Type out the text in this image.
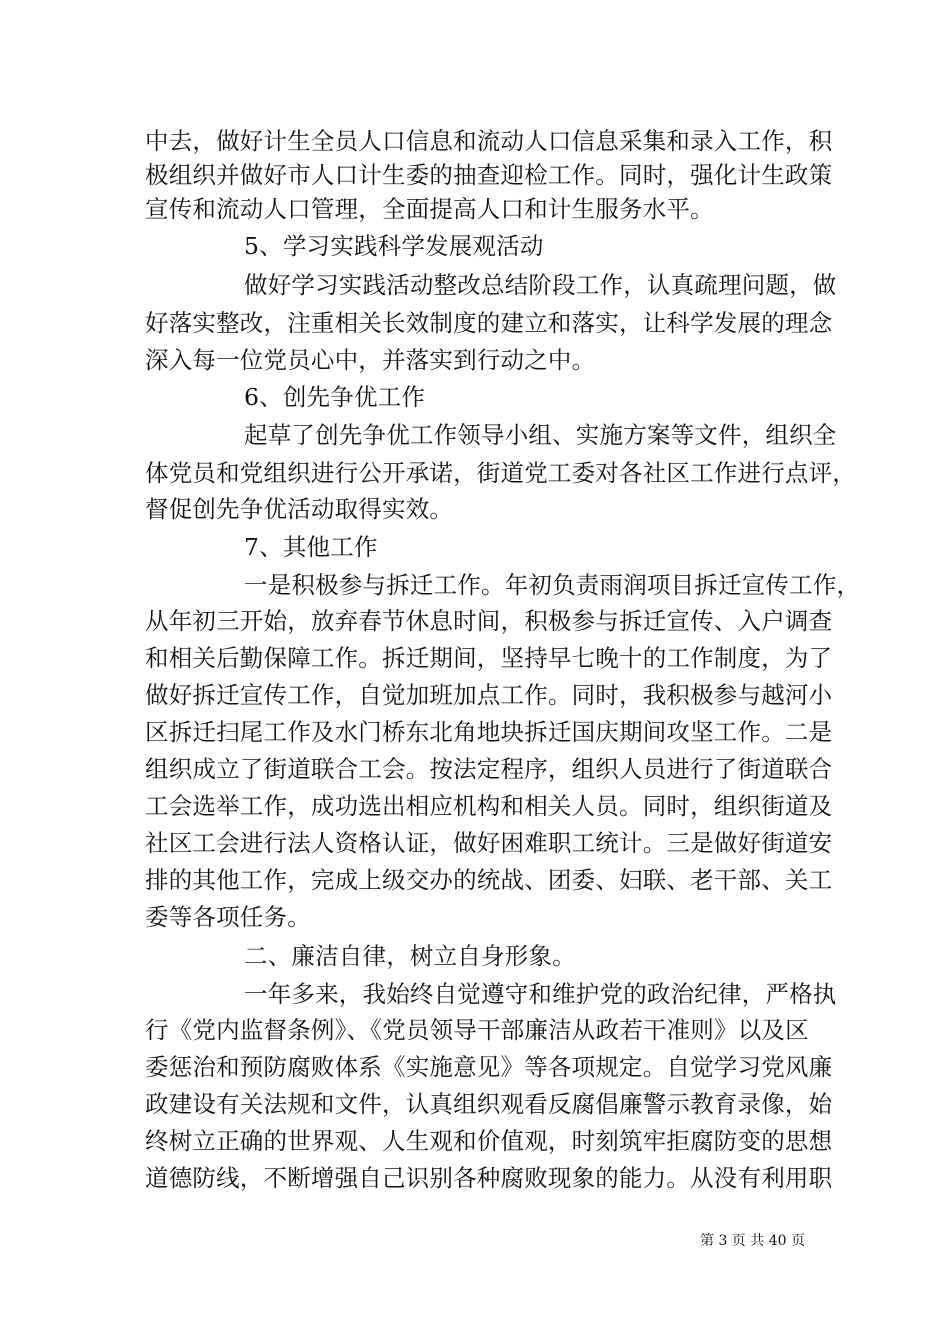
中去，做好计生全员人口信息和流动人口信息采集和录入工作，积
极组织并做好市人口计生委的抽查迎检工作。同时，强化计生政策
宣传和流动人口管理，全面提高人口和计生服务水平。
5、学习实践科学发展观活动
做好学习实践活动整改总结阶段工作，认真疏理问题，做
好落实整改，注重相关长效制度的建立和落实，让科学发展的理念
深入每一位党员心中，并落实到行动之中。
6、创先争优工作
起草了创先争优工作领导小组、实施方案等文件，组织全
体党员和党组织进行公开承诺，街道党工委对各社区工作进行点评，
督促创先争优活动取得实效。
7、其他工作
一是积极参与拆迁工作。年初负责雨润项目拆迁宣传工作，
从年初三开始，放弃春节休息时间，积极参与拆迁宣传、入户调查
和相关后勤保障工作。拆迁期间，坚持早七晚十的工作制度，为了
做好拆迁宣传工作，自觉加班加点工作。同时，我积极参与越河小
区拆迁扫尾工作及水门桥东北角地块拆迁国庆期间攻坚工作。二是
组织成立了街道联合工会。按法定程序，组织人员进行了街道联合
工会选举工作，成功选出相应机构和相关人员。同时，组织街道及
社区工会进行法人资格认证，做好困难职工统计。三是做好街道安
排的其他工作，完成上级交办的统战、团委、妇联、老干部、关工
委等各项任务。
二、廉洁自律，树立自身形象。
一年多来，我始终自觉遵守和维护党的政治纪律，严格执
行《党内监督条例》、《党员领导干部廉洁从政若干准则》以及区
委惩治和预防腐败体系《实施意见》等各项规定。自觉学习党风廉
政建设有关法规和文件，认真组织观看反腐倡廉警示教育录像，始
终树立正确的世界观、人生观和价值观，时刻筑牢拒腐防变的思想
道德防线，不断增强自己识别各种腐败现象的能力。从没有利用职
第 3 页 共 40 页
